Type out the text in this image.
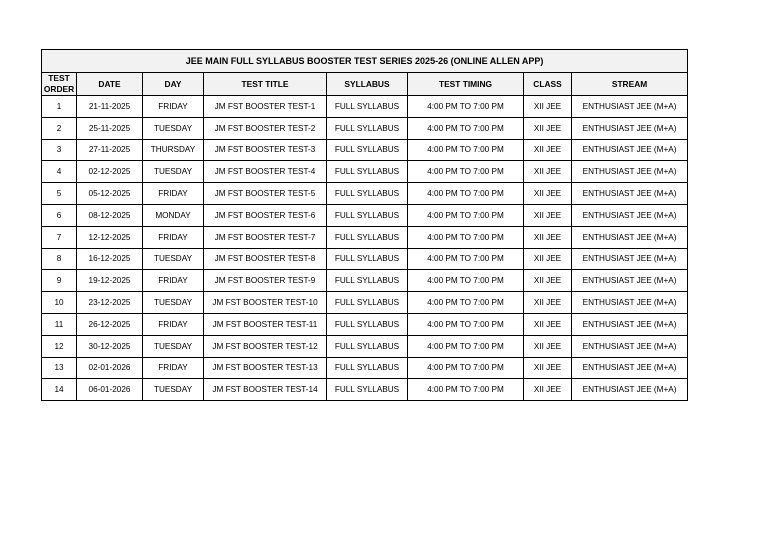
JEE MAIN FULL SYLLABUS BOOSTER TEST SERIES 2025-26 (ONLINE ALLEN APP)							
TEST ORDER	DATE	DAY	TEST TITLE	SYLLABUS	TEST TIMING	CLASS	STREAM
1	21-11-2025	FRIDAY	JM FST BOOSTER TEST-1	FULL SYLLABUS	4:00 PM TO 7:00 PM	XII JEE	ENTHUSIAST JEE (M+A)
2	25-11-2025	TUESDAY	JM FST BOOSTER TEST-2	FULL SYLLABUS	4:00 PM TO 7:00 PM	XII JEE	ENTHUSIAST JEE (M+A)
3	27-11-2025	THURSDAY	JM FST BOOSTER TEST-3	FULL SYLLABUS	4:00 PM TO 7:00 PM	XII JEE	ENTHUSIAST JEE (M+A)
4	02-12-2025	TUESDAY	JM FST BOOSTER TEST-4	FULL SYLLABUS	4:00 PM TO 7:00 PM	XII JEE	ENTHUSIAST JEE (M+A)
5	05-12-2025	FRIDAY	JM FST BOOSTER TEST-5	FULL SYLLABUS	4:00 PM TO 7:00 PM	XII JEE	ENTHUSIAST JEE (M+A)
6	08-12-2025	MONDAY	JM FST BOOSTER TEST-6	FULL SYLLABUS	4:00 PM TO 7:00 PM	XII JEE	ENTHUSIAST JEE (M+A)
7	12-12-2025	FRIDAY	JM FST BOOSTER TEST-7	FULL SYLLABUS	4:00 PM TO 7:00 PM	XII JEE	ENTHUSIAST JEE (M+A)
8	16-12-2025	TUESDAY	JM FST BOOSTER TEST-8	FULL SYLLABUS	4:00 PM TO 7:00 PM	XII JEE	ENTHUSIAST JEE (M+A)
9	19-12-2025	FRIDAY	JM FST BOOSTER TEST-9	FULL SYLLABUS	4:00 PM TO 7:00 PM	XII JEE	ENTHUSIAST JEE (M+A)
10	23-12-2025	TUESDAY	JM FST BOOSTER TEST-10	FULL SYLLABUS	4:00 PM TO 7:00 PM	XII JEE	ENTHUSIAST JEE (M+A)
11	26-12-2025	FRIDAY	JM FST BOOSTER TEST-11	FULL SYLLABUS	4:00 PM TO 7:00 PM	XII JEE	ENTHUSIAST JEE (M+A)
12	30-12-2025	TUESDAY	JM FST BOOSTER TEST-12	FULL SYLLABUS	4:00 PM TO 7:00 PM	XII JEE	ENTHUSIAST JEE (M+A)
13	02-01-2026	FRIDAY	JM FST BOOSTER TEST-13	FULL SYLLABUS	4:00 PM TO 7:00 PM	XII JEE	ENTHUSIAST JEE (M+A)
14	06-01-2026	TUESDAY	JM FST BOOSTER TEST-14	FULL SYLLABUS	4:00 PM TO 7:00 PM	XII JEE	ENTHUSIAST JEE (M+A)
